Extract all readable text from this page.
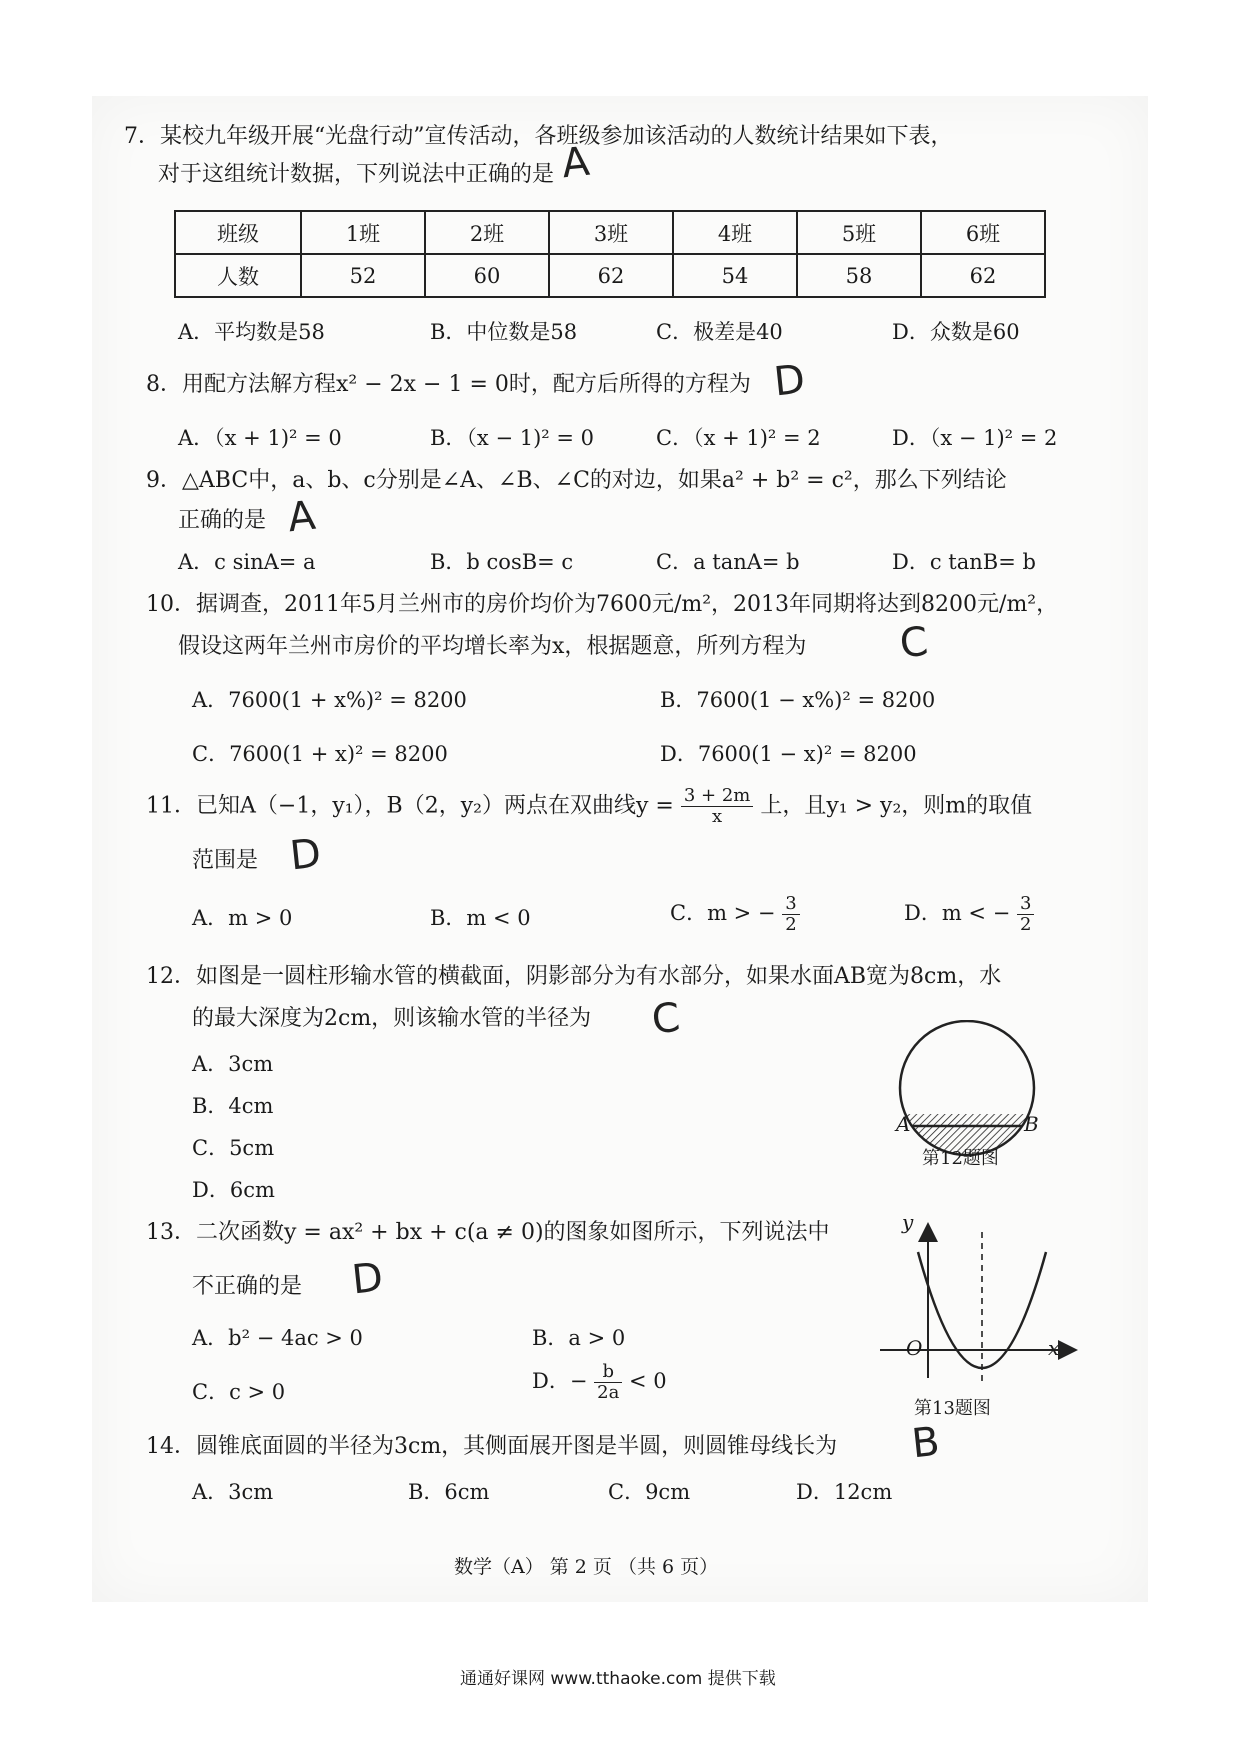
7．某校九年级开展“光盘行动”宣传活动，各班级参加该活动的人数统计结果如下表，
对于这组统计数据，下列说法中正确的是 A
班级	1班	2班	3班	4班	5班	6班
人数	52	60	62	54	58	62
A．平均数是58	B．中位数是58	C．极差是40	D．众数是60
8．用配方法解方程x² − 2x − 1 = 0时，配方后所得的方程为 D
A．（x + 1)² = 0	B．（x − 1)² = 0	C．（x + 1)² = 2	D．（x − 1)² = 2
9．△ABC中，a、b、c分别是∠A、∠B、∠C的对边，如果a² + b² = c²，那么下列结论
正确的是 A
A．c sinA= a	B．b cosB= c	C．a tanA= b	D．c tanB= b
10．据调查，2011年5月兰州市的房价均价为7600元/m²，2013年同期将达到8200元/m²，
假设这两年兰州市房价的平均增长率为x，根据题意，所列方程为 C
A．7600(1 + x%)² = 8200	B．7600(1 − x%)² = 8200
C．7600(1 + x)² = 8200	D．7600(1 − x)² = 8200
11．已知A（−1，y₁），B（2，y₂）两点在双曲线$y = \frac{3 + 2m}{x}$ 上，且y₁ > y₂，则m的取值
范围是 D
A．m > 0	B．m < 0	C．m > − $\frac{3}{2}$	D．m < − $\frac{3}{2}$
12．如图是一圆柱形输水管的横截面，阴影部分为有水部分，如果水面AB宽为8cm，水
的最大深度为2cm，则该输水管的半径为 C
A．3cm
B．4cm
C．5cm
D．6cm
A	B
第12题图
13．二次函数y = ax² + bx + c(a ≠ 0)的图象如图所示，下列说法中
不正确的是 D
A．b² − 4ac > 0	B．a > 0
C．c > 0	D．− $\frac{b}{2a} < 0$
y
x
O
第13题图
14．圆锥底面圆的半径为3cm，其侧面展开图是半圆，则圆锥母线长为 B
A．3cm	B．6cm	C．9cm	D．12cm
数学（A） 第 2 页 （共 6 页）
通通好课网 www.tthaoke.com 提供下载
